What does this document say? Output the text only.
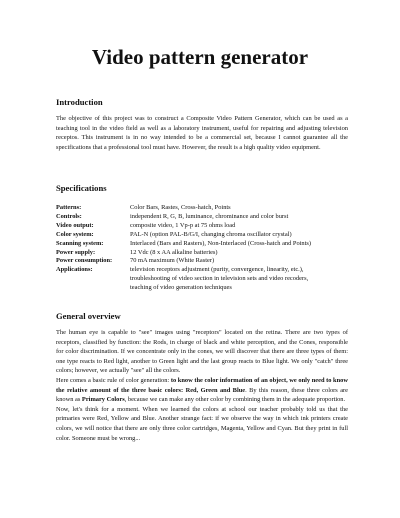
Video pattern generator
Introduction
The objective of this project was to construct a Composite Video Pattern Generator, which can be used as a teaching tool in the video field as well as a laboratory instrument, useful for repairing and adjusting television receptos. This instrument is in no way intended to be a commercial set, because I cannot guarantee all the specifications that a professional tool must have. However, the result is a high quality video equipment.
Specifications
Patterns:	Color Bars, Rastes, Cross-hatch, Points
Controls:	independent R, G, B, luminance, chrominance and color burst
Video output:	composite video, 1 Vp-p at 75 ohms load
Color system:	PAL-N (option PAL-B/G/I, changing chroma oscillator crystal)
Scanning system:	Interlaced (Bars and Rasters), Non-Interlaced (Cross-hatch and Points)
Power supply:	12 Vdc (8 x AA alkaline batteries)
Power consumption:	70 mA maximum (White Raster)
Applications:	television receptors adjustment (purity, convergence, linearity, etc.),
troubleshooting of video section in television sets and video recoders,
teaching of video generation techniques
General overview

The human eye is capable to "see" images using "receptors" located on the retina. There are two types of receptors, classified by function: the Rods, in charge of black and white perception, and the Cones, responsible for color discrimination. If we concentrate only in the cones, we will discover that there are three types of them: one type reacts to Red light, another to Green light and the last group reacts to Blue light. We only "catch" three colors; however, we actually "see" all the colors.

Here comes a basic rule of color generation: to know the color information of an object, we only need to know the relative amount of the three basic colors: Red, Green and Blue. By this reason, these three colors are known as Primary Colors, because we can make any other color by combining them in the adequate proportion.

Now, let's think for a moment. When we learned the colors at school our teacher probably told us that the primaries were Red, Yellow and Blue. Another strange fact: if we observe the way in which ink printers create colors, we will notice that there are only three color cartridges, Magenta, Yellow and Cyan. But they print in full color. Someone must be wrong...
